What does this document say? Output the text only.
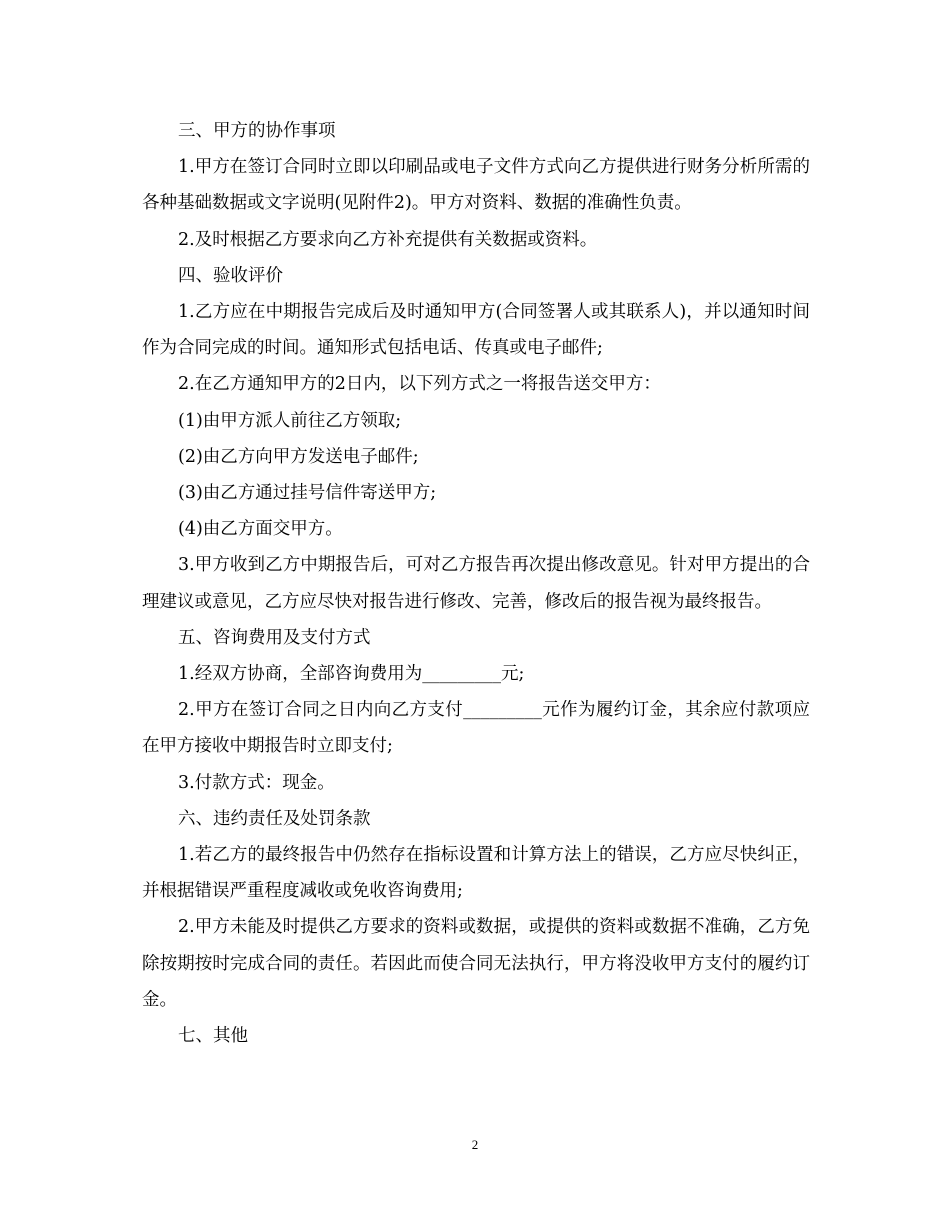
三、甲方的协作事项

1.甲方在签订合同时立即以印刷品或电子文件方式向乙方提供进行财务分析所需的各种基础数据或文字说明(见附件2)。甲方对资料、数据的准确性负责。

2.及时根据乙方要求向乙方补充提供有关数据或资料。

四、验收评价

1.乙方应在中期报告完成后及时通知甲方(合同签署人或其联系人)，并以通知时间作为合同完成的时间。通知形式包括电话、传真或电子邮件;

2.在乙方通知甲方的2日内，以下列方式之一将报告送交甲方：

(1)由甲方派人前往乙方领取;

(2)由乙方向甲方发送电子邮件;

(3)由乙方通过挂号信件寄送甲方;

(4)由乙方面交甲方。

3.甲方收到乙方中期报告后，可对乙方报告再次提出修改意见。针对甲方提出的合理建议或意见，乙方应尽快对报告进行修改、完善，修改后的报告视为最终报告。

五、咨询费用及支付方式

1.经双方协商，全部咨询费用为_________元;

2.甲方在签订合同之日内向乙方支付_________元作为履约订金，其余应付款项应在甲方接收中期报告时立即支付;

3.付款方式：现金。

六、违约责任及处罚条款

1.若乙方的最终报告中仍然存在指标设置和计算方法上的错误，乙方应尽快纠正，并根据错误严重程度减收或免收咨询费用;

2.甲方未能及时提供乙方要求的资料或数据，或提供的资料或数据不准确，乙方免除按期按时完成合同的责任。若因此而使合同无法执行，甲方将没收甲方支付的履约订金。

七、其他

2
